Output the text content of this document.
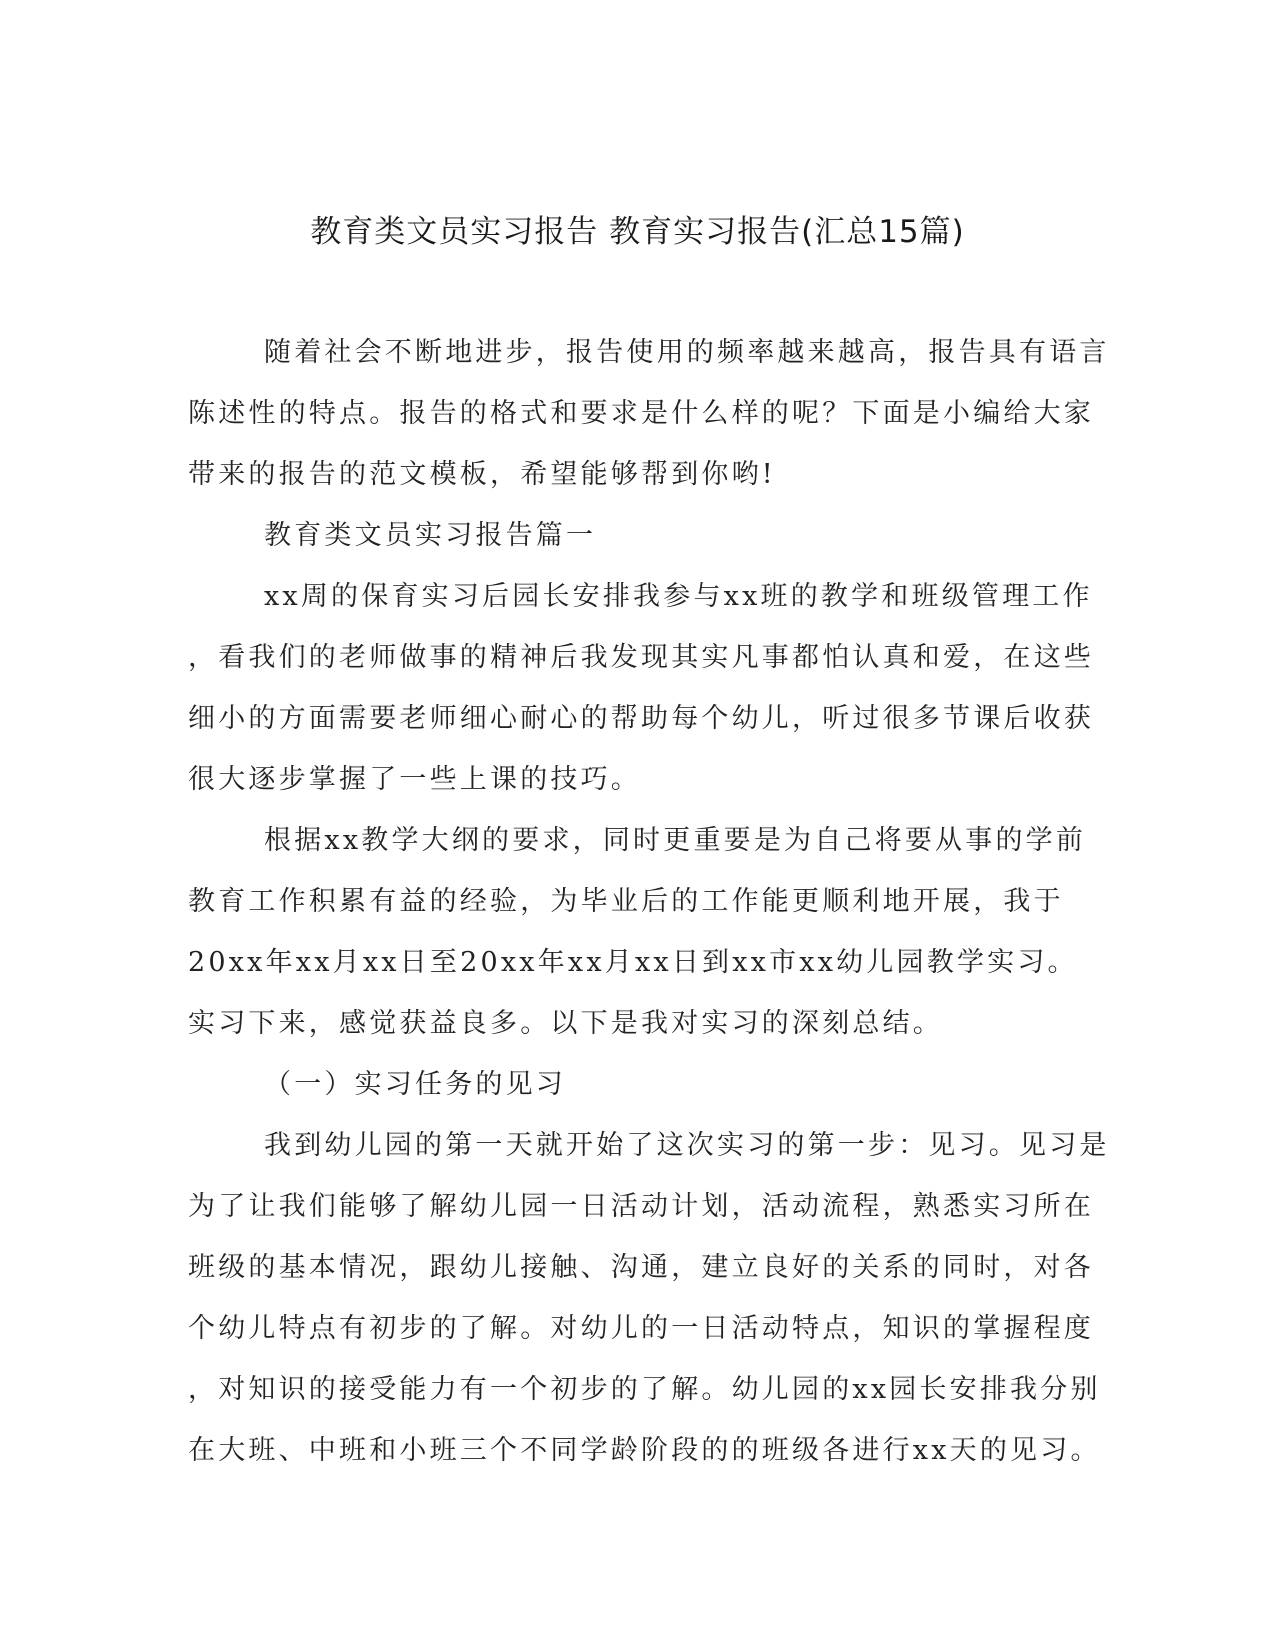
教育类文员实习报告 教育实习报告(汇总15篇)
随着社会不断地进步，报告使用的频率越来越高，报告具有语言
陈述性的特点。报告的格式和要求是什么样的呢？下面是小编给大家
带来的报告的范文模板，希望能够帮到你哟!
教育类文员实习报告篇一
xx周的保育实习后园长安排我参与xx班的教学和班级管理工作
，看我们的老师做事的精神后我发现其实凡事都怕认真和爱，在这些
细小的方面需要老师细心耐心的帮助每个幼儿，听过很多节课后收获
很大逐步掌握了一些上课的技巧。
根据xx教学大纲的要求，同时更重要是为自己将要从事的学前
教育工作积累有益的经验，为毕业后的工作能更顺利地开展，我于
20xx年xx月xx日至20xx年xx月xx日到xx市xx幼儿园教学实习。
实习下来，感觉获益良多。以下是我对实习的深刻总结。
（一）实习任务的见习
我到幼儿园的第一天就开始了这次实习的第一步：见习。见习是
为了让我们能够了解幼儿园一日活动计划，活动流程，熟悉实习所在
班级的基本情况，跟幼儿接触、沟通，建立良好的关系的同时，对各
个幼儿特点有初步的了解。对幼儿的一日活动特点，知识的掌握程度
，对知识的接受能力有一个初步的了解。幼儿园的xx园长安排我分别
在大班、中班和小班三个不同学龄阶段的的班级各进行xx天的见习。
